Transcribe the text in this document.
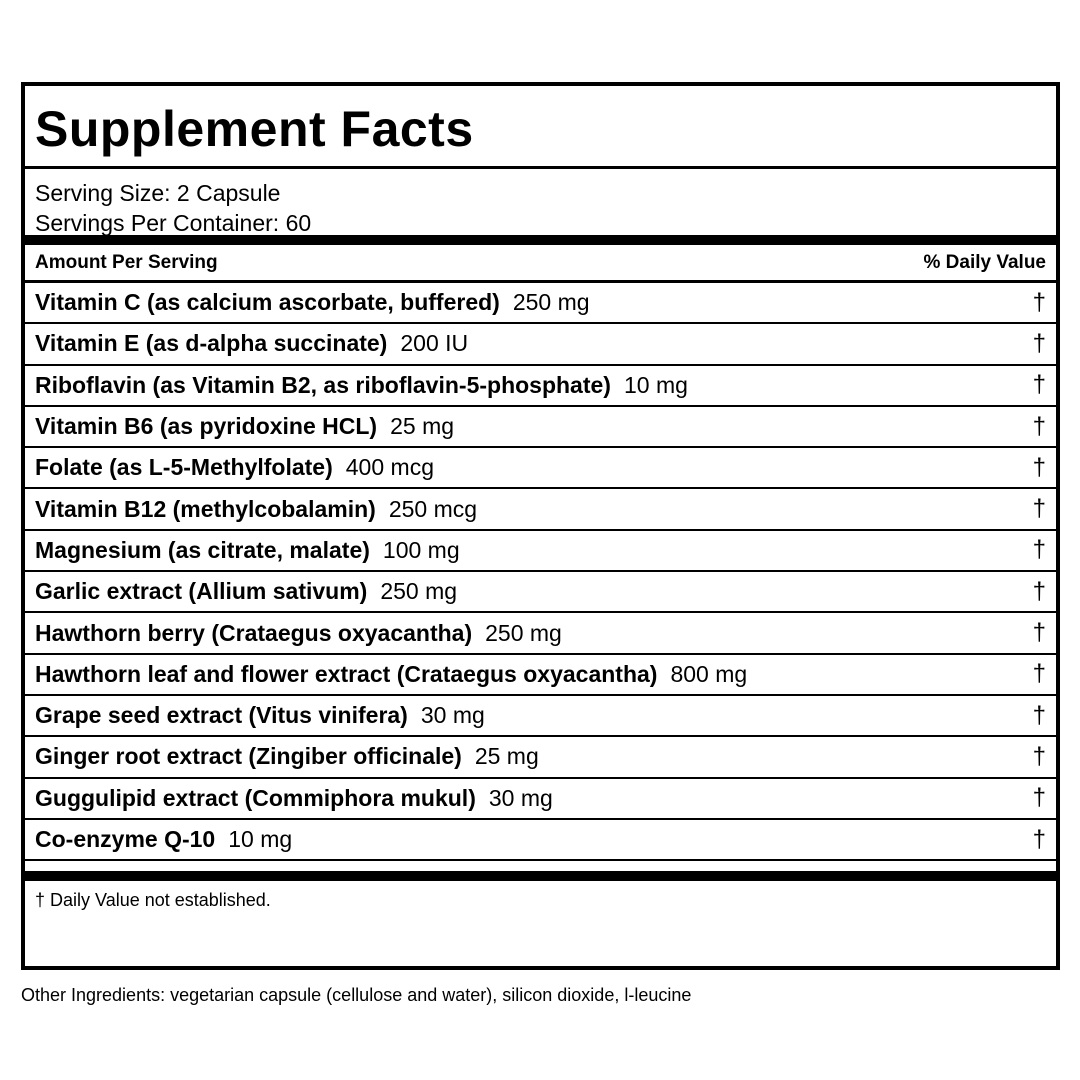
Supplement Facts
Serving Size: 2 Capsule
Servings Per Container: 60
Amount Per Serving	% Daily Value
Vitamin C (as calcium ascorbate, buffered) 250 mg	†
Vitamin E (as d-alpha succinate) 200 IU	†
Riboflavin (as Vitamin B2, as riboflavin-5-phosphate) 10 mg	†
Vitamin B6 (as pyridoxine HCL) 25 mg	†
Folate (as L-5-Methylfolate) 400 mcg	†
Vitamin B12 (methylcobalamin) 250 mcg	†
Magnesium (as citrate, malate) 100 mg	†
Garlic extract (Allium sativum) 250 mg	†
Hawthorn berry (Crataegus oxyacantha) 250 mg	†
Hawthorn leaf and flower extract (Crataegus oxyacantha) 800 mg	†
Grape seed extract (Vitus vinifera) 30 mg	†
Ginger root extract (Zingiber officinale) 25 mg	†
Guggulipid extract (Commiphora mukul) 30 mg	†
Co-enzyme Q-10 10 mg	†
† Daily Value not established.
Other Ingredients: vegetarian capsule (cellulose and water), silicon dioxide, l-leucine
